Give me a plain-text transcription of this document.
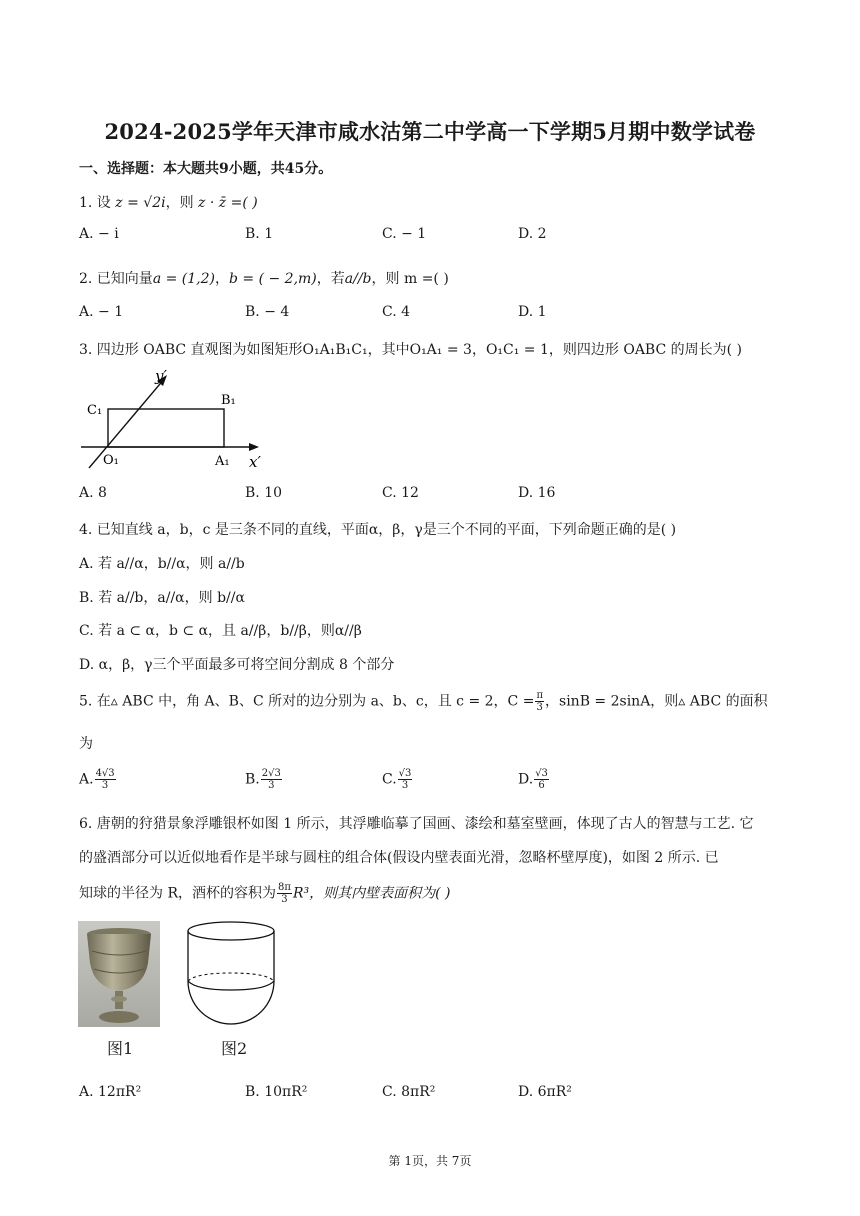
2024-2025学年天津市咸水沽第二中学高一下学期5月期中数学试卷
一、选择题：本大题共9小题，共45分。
1. 设 z = √2i，则 z · z̄ =( )
A. − i	B. 1	C. − 1	D. 2
2. 已知向量a = (1,2)，b = ( − 2,m)，若a//b，则 m =( )
A. − 1	B. − 4	C. 4	D. 1
3. 四边形 OABC 直观图为如图矩形O₁A₁B₁C₁，其中O₁A₁ = 3，O₁C₁ = 1，则四边形 OABC 的周长为( )
y′
C₁
B₁
O₁	A₁ x′
A. 8	B. 10	C. 12	D. 16
4. 已知直线 a，b，c 是三条不同的直线，平面α，β，γ是三个不同的平面，下列命题正确的是( )
A. 若 a//α，b//α，则 a//b
B. 若 a//b，a//α，则 b//α
C. 若 a ⊂ α，b ⊂ α，且 a//β，b//β，则α//β
D. α，β，γ三个平面最多可将空间分割成 8 个部分
5. 在▵ ABC 中，角 A、B、C 所对的边分别为 a、b、c，且 c = 2，$C = \frac{\pi}{3}$ ，sinB = 2sinA，则▵ ABC 的面积
为
A. $\frac{4√3}{3}$	B. $\frac{2√3}{3}$	C. $\frac{√3}{3}$	D. $\frac{√3}{6}$
6. 唐朝的狩猎景象浮雕银杯如图 1 所示，其浮雕临摹了国画、漆绘和墓室壁画，体现了古人的智慧与工艺. 它
的盛酒部分可以近似地看作是半球与圆柱的组合体(假设内壁表面光滑，忽略杯壁厚度)，如图 2 所示. 已
知球的半径为 R，酒杯的容积为 $\frac{8\pi}{3} R^3$，则其内壁表面积为( )
图1	图2
A. 12πR²	B. 10πR²	C. 8πR²	D. 6πR²
第 1页，共 7页
